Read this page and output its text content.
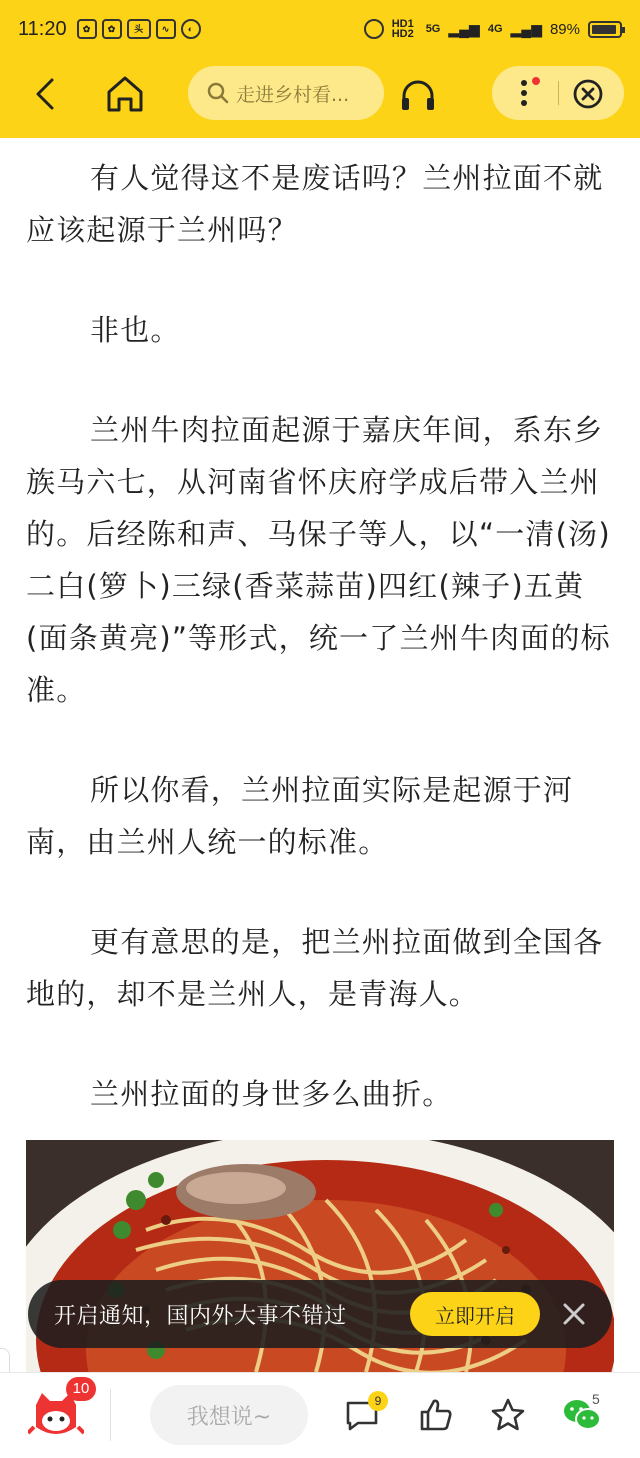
11:20	✿	✿	头	∿	◐	HD1 HD2	5G ▂▄▆ 4G ▂▄▆ 89%
走进乡村看...

有人觉得这不是废话吗？兰州拉面不就应该起源于兰州吗？

非也。

兰州牛肉拉面起源于嘉庆年间，系东乡族马六七，从河南省怀庆府学成后带入兰州的。后经陈和声、马保子等人，以“一清(汤)二白(箩卜)三绿(香菜蒜苗)四红(辣子)五黄(面条黄亮)”等形式，统一了兰州牛肉面的标准。

所以你看，兰州拉面实际是起源于河南，由兰州人统一的标准。

更有意思的是，把兰州拉面做到全国各地的，却不是兰州人，是青海人。

兰州拉面的身世多么曲折。

开启通知，国内外大事不错过	立即开启
10
我想说~
9	5
